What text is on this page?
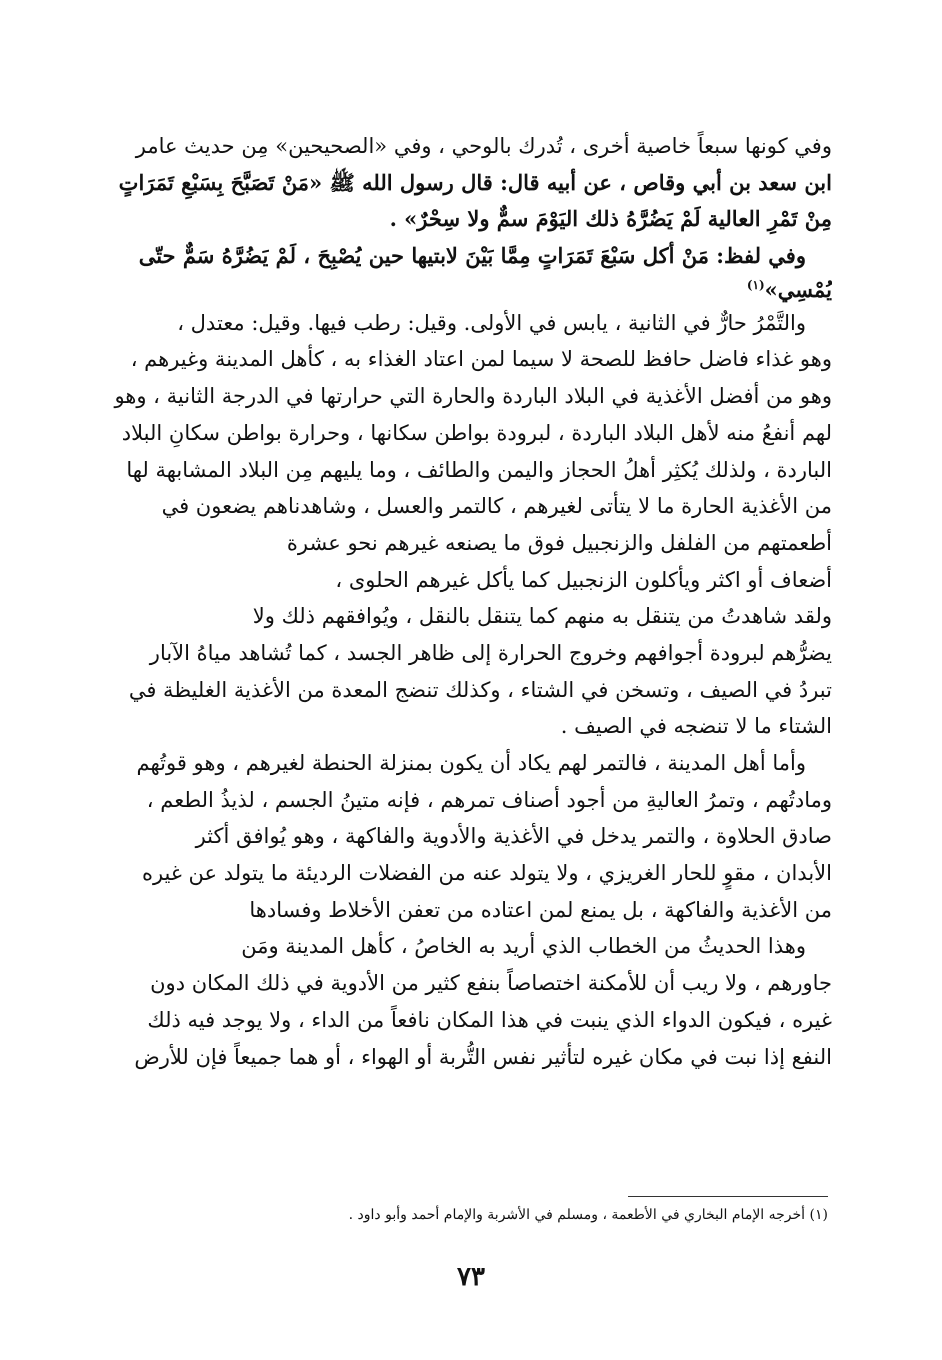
وفي كونها سبعاً خاصية أخرى ، تُدرك بالوحي ، وفي «الصحيحين» مِن حديث عامر
ابن سعد بن أبي وقاص ، عن أبيه قال: قال رسول الله ﷺ «مَنْ تَصَبَّحَ بِسَبْعِ تَمَرَاتٍ
مِنْ تَمْرِ العالية لَمْ يَضُرَّهُ ذلك اليَوْمَ سمٌّ ولا سِحْرٌ» .
وفي لفظ: مَنْ أكل سَبْعَ تَمَرَاتٍ مِمَّا بَيْنَ لابتيها حين يُصْبِحَ ، لَمْ يَضُرَّهُ سَمٌّ حتّى
يُمْسِي»$^{(١)}$
والتَّمْرُ حارٌّ في الثانية ، يابس في الأولى. وقيل: رطب فيها. وقيل: معتدل ،
وهو غذاء فاضل حافظ للصحة لا سيما لمن اعتاد الغذاء به ، كأهل المدينة وغيرهم ،
وهو من أفضل الأغذية في البلاد الباردة والحارة التي حرارتها في الدرجة الثانية ، وهو
لهم أنفعُ منه لأهل البلاد الباردة ، لبرودة بواطن سكانها ، وحرارة بواطن سكانِ البلاد
الباردة ، ولذلك يُكثِر أهلُ الحجاز واليمن والطائف ، وما يليهم مِن البلاد المشابهة لها
من الأغذية الحارة ما لا يتأتى لغيرهم ، كالتمر والعسل ، وشاهدناهم يضعون في
أطعمتهم من الفلفل والزنجبيل فوق ما يصنعه غيرهم نحو عشرة
أضعاف أو اكثر ويأكلون الزنجبيل كما يأكل غيرهم الحلوى ،
ولقد شاهدتُ من يتنقل به منهم كما يتنقل بالنقل ، ويُوافقهم ذلك ولا
يضرُّهم لبرودة أجوافهم وخروج الحرارة إلى ظاهر الجسد ، كما تُشاهد مياهُ الآبار
تبردُ في الصيف ، وتسخن في الشتاء ، وكذلك تنضج المعدة من الأغذية الغليظة في
الشتاء ما لا تنضجه في الصيف .
وأما أهل المدينة ، فالتمر لهم يكاد أن يكون بمنزلة الحنطة لغيرهم ، وهو قوتُهم
ومادتُهم ، وتمرُ العاليةِ من أجود أصناف تمرهم ، فإنه متينُ الجسم ، لذيذُ الطعم ،
صادق الحلاوة ، والتمر يدخل في الأغذية والأدوية والفاكهة ، وهو يُوافق أكثر
الأبدان ، مقوٍ للحار الغريزي ، ولا يتولد عنه من الفضلات الرديئة ما يتولد عن غيره
من الأغذية والفاكهة ، بل يمنع لمن اعتاده من تعفن الأخلاط وفسادها
وهذا الحديثُ من الخطاب الذي أريد به الخاصُ ، كأهل المدينة ومَن
جاورهم ، ولا ريب أن للأمكنة اختصاصاً بنفع كثير من الأدوية في ذلك المكان دون
غيره ، فيكون الدواء الذي ينبت في هذا المكان نافعاً من الداء ، ولا يوجد فيه ذلك
النفع إذا نبت في مكان غيره لتأثير نفس التُّربة أو الهواء ، أو هما جميعاً فإن للأرض
(١) أخرجه الإمام البخاري في الأطعمة ، ومسلم في الأشربة والإمام أحمد وأبو داود .
٧٣
